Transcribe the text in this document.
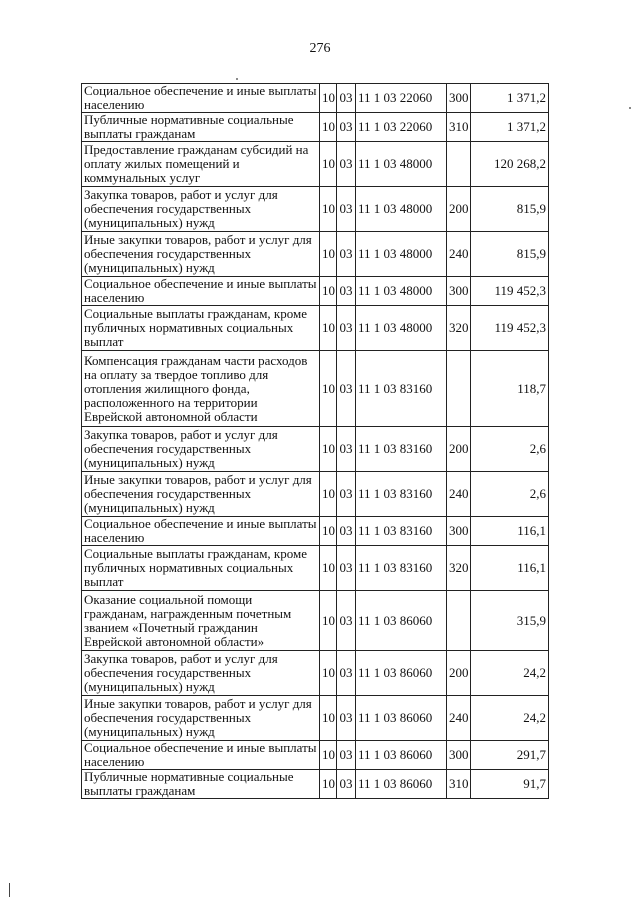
276
Социальное обеспечение и иные выплаты населению	10	03	11 1 03 22060	300	1 371,2
Публичные нормативные социальные выплаты гражданам	10	03	11 1 03 22060	310	1 371,2
Предоставление гражданам субсидий на оплату жилых помещений и коммунальных услуг	10	03	11 1 03 48000		120 268,2
Закупка товаров, работ и услуг для обеспечения государственных (муниципальных) нужд	10	03	11 1 03 48000	200	815,9
Иные закупки товаров, работ и услуг для обеспечения государственных (муниципальных) нужд	10	03	11 1 03 48000	240	815,9
Социальное обеспечение и иные выплаты населению	10	03	11 1 03 48000	300	119 452,3
Социальные выплаты гражданам, кроме публичных нормативных социальных выплат	10	03	11 1 03 48000	320	119 452,3
Компенсация гражданам части расходов на оплату за твердое топливо для отопления жилищного фонда, расположенного на территории Еврейской автономной области	10	03	11 1 03 83160		118,7
Закупка товаров, работ и услуг для обеспечения государственных (муниципальных) нужд	10	03	11 1 03 83160	200	2,6
Иные закупки товаров, работ и услуг для обеспечения государственных (муниципальных) нужд	10	03	11 1 03 83160	240	2,6
Социальное обеспечение и иные выплаты населению	10	03	11 1 03 83160	300	116,1
Социальные выплаты гражданам, кроме публичных нормативных социальных выплат	10	03	11 1 03 83160	320	116,1
Оказание социальной помощи гражданам, награжденным почетным званием «Почетный гражданин Еврейской автономной области»	10	03	11 1 03 86060		315,9
Закупка товаров, работ и услуг для обеспечения государственных (муниципальных) нужд	10	03	11 1 03 86060	200	24,2
Иные закупки товаров, работ и услуг для обеспечения государственных (муниципальных) нужд	10	03	11 1 03 86060	240	24,2
Социальное обеспечение и иные выплаты населению	10	03	11 1 03 86060	300	291,7
Публичные нормативные социальные выплаты гражданам	10	03	11 1 03 86060	310	91,7
